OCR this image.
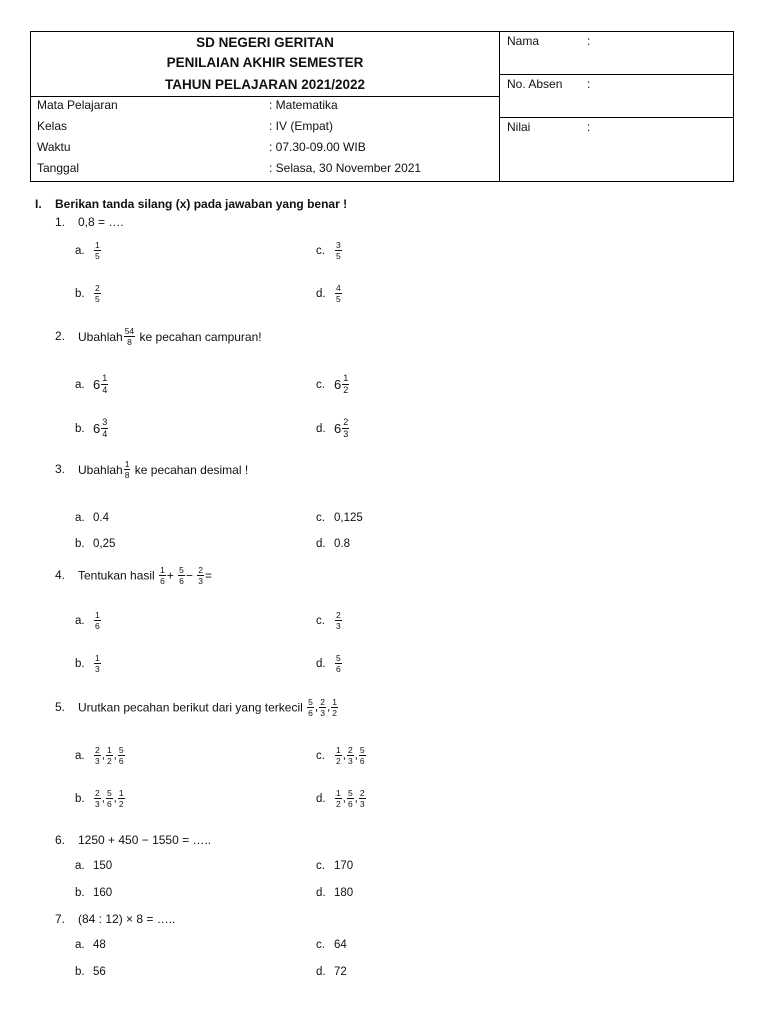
SD NEGERI GERITAN
PENILAIAN AKHIR SEMESTER
TAHUN PELAJARAN 2021/2022
Mata Pelajaran	: Matematika
Kelas	: IV (Empat)
Waktu	: 07.30-09.00 WIB
Tanggal	: Selasa, 30 November 2021
Nama	:
No. Absen :
Nilai	:
I. Berikan tanda silang (x) pada jawaban yang benar !
1. 0,8 = ….
a. $\frac{1}{5}$
b. $\frac{2}{5}$
c. $\frac{3}{5}$
d. $\frac{4}{5}$
2. Ubahlah $\frac{54}{8}$ ke pecahan campuran!
a. $6 \frac{1}{4}$
b. $6 \frac{3}{4}$
c. $6 \frac{1}{2}$
d. $6 \frac{2}{3}$
3. Ubahlah $\frac{1}{8}$ ke pecahan desimal !
a. 0.4
b. 0,25
c. 0,125
d. 0.8
4. Tentukan hasil $\frac{1}{6} + \frac{5}{6} - \frac{2}{3}$ =
a. $\frac{1}{6}$
b. $\frac{1}{3}$
c. $\frac{2}{3}$
d. $\frac{5}{6}$
5. Urutkan pecahan berikut dari yang terkecil $\frac{5}{6}$ , $\frac{2}{3}$ , $\frac{1}{2}$
a. $\frac{2}{3}$ , $\frac{1}{2}$ , $\frac{5}{6}$
b. $\frac{2}{3}$ , $\frac{5}{6}$ , $\frac{1}{2}$
c. $\frac{1}{2}$ , $\frac{2}{3}$ , $\frac{5}{6}$
d. $\frac{1}{2}$ , $\frac{5}{6}$ , $\frac{2}{3}$
6. 1250 + 450 − 1550 = …..
a. 150
b. 160
c. 170
d. 180
7. (84 : 12) × 8 = …..
a. 48
b. 56
c. 64
d. 72
